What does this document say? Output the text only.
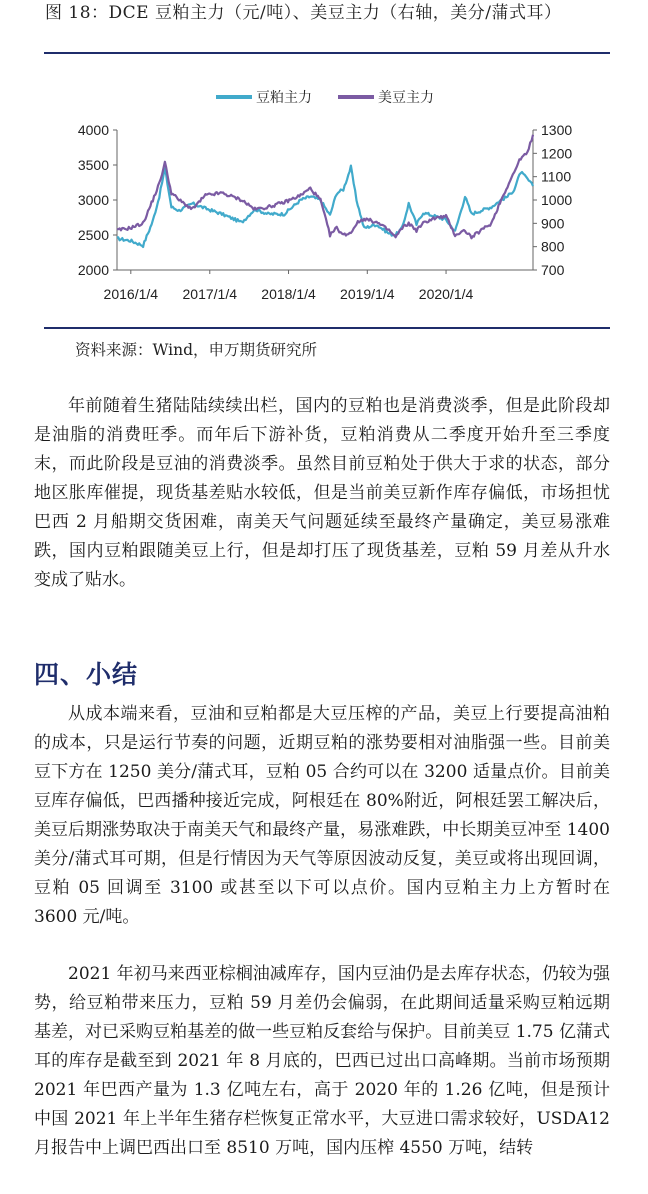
图 18：DCE 豆粕主力（元/吨）、美豆主力（右轴，美分/蒲式耳）
豆粕主力	美豆主力
4000
3500
3000
2500
2000
1300
1200
1100
1000
900
800
700
2016/1/4 2017/1/4 2018/1/4 2019/1/4 2020/1/4
资料来源：Wind，申万期货研究所

年前随着生猪陆陆续续出栏，国内的豆粕也是消费淡季，但是此阶段却是油脂的消费旺季。而年后下游补货，豆粕消费从二季度开始升至三季度末，而此阶段是豆油的消费淡季。虽然目前豆粕处于供大于求的状态，部分地区胀库催提，现货基差贴水较低，但是当前美豆新作库存偏低，市场担忧巴西 2 月船期交货困难，南美天气问题延续至最终产量确定，美豆易涨难跌，国内豆粕跟随美豆上行，但是却打压了现货基差，豆粕 59 月差从升水变成了贴水。

四、小结

从成本端来看，豆油和豆粕都是大豆压榨的产品，美豆上行要提高油粕的成本，只是运行节奏的问题，近期豆粕的涨势要相对油脂强一些。目前美豆下方在 1250 美分/蒲式耳，豆粕 05 合约可以在 3200 适量点价。目前美豆库存偏低，巴西播种接近完成，阿根廷在 80%附近，阿根廷罢工解决后，美豆后期涨势取决于南美天气和最终产量，易涨难跌，中长期美豆冲至 1400 美分/蒲式耳可期，但是行情因为天气等原因波动反复，美豆或将出现回调，豆粕 05 回调至 3100 或甚至以下可以点价。国内豆粕主力上方暂时在 3600 元/吨。

2021 年初马来西亚棕榈油减库存，国内豆油仍是去库存状态，仍较为强势，给豆粕带来压力，豆粕 59 月差仍会偏弱，在此期间适量采购豆粕远期基差，对已采购豆粕基差的做一些豆粕反套给与保护。目前美豆 1.75 亿蒲式耳的库存是截至到 2021 年 8 月底的，巴西已过出口高峰期。当前市场预期 2021 年巴西产量为 1.3 亿吨左右，高于 2020 年的 1.26 亿吨，但是预计中国 2021 年上半年生猪存栏恢复正常水平，大豆进口需求较好，USDA12 月报告中上调巴西出口至 8510 万吨，国内压榨 4550 万吨，结转
